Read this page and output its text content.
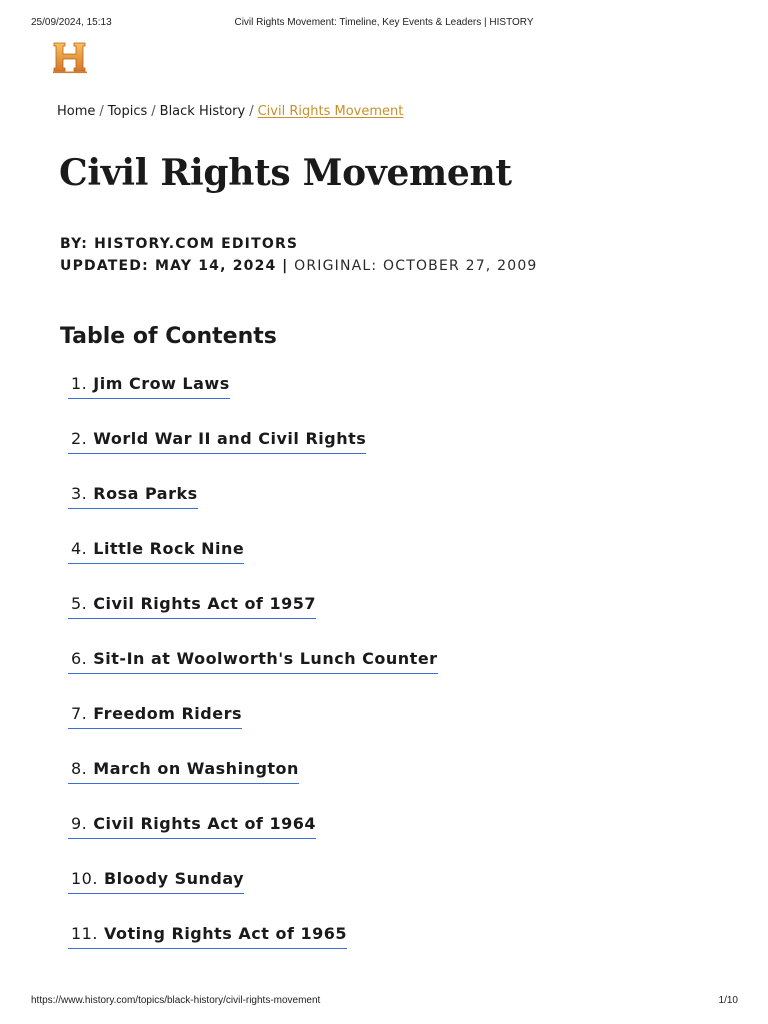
25/09/2024, 15:13	Civil Rights Movement: Timeline, Key Events & Leaders | HISTORY
Home / Topics / Black History / Civil Rights Movement
Civil Rights Movement
BY: HISTORY.COM EDITORS
UPDATED: MAY 14, 2024 | ORIGINAL: OCTOBER 27, 2009
Table of Contents
1. Jim Crow Laws
2. World War II and Civil Rights
3. Rosa Parks
4. Little Rock Nine
5. Civil Rights Act of 1957
6. Sit-In at Woolworth's Lunch Counter
7. Freedom Riders
8. March on Washington
9. Civil Rights Act of 1964
10. Bloody Sunday
11. Voting Rights Act of 1965
https://www.history.com/topics/black-history/civil-rights-movement	1/10
